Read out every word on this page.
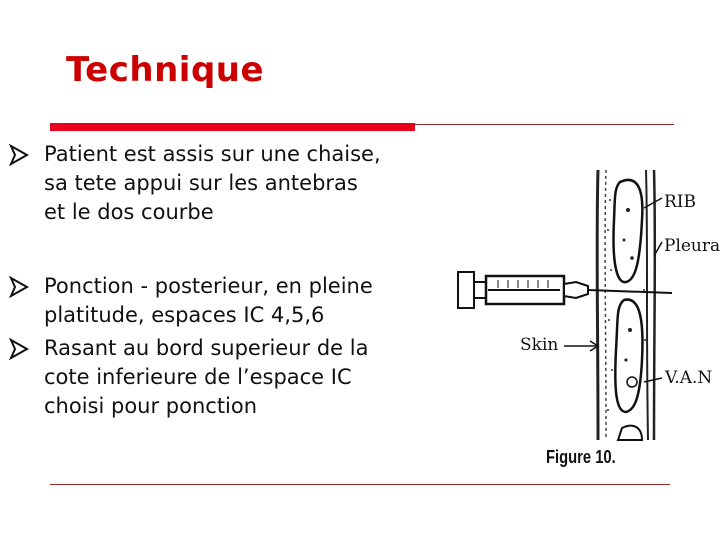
Technique
Patient est assis sur une chaise,
sa tete appui sur les antebras
et le dos courbe
Ponction - posterieur, en pleine
platitude, espaces IC 4,5,6
Rasant au bord superieur de la
cote inferieure de l’espace IC
choisi pour ponction
RIB
Pleura
Skin
V.A.N
Figure 10.
